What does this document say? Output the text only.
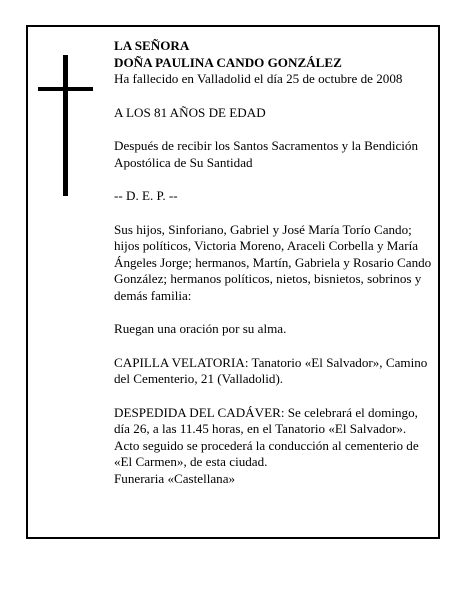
LA SEÑORA

DOÑA PAULINA CANDO GONZÁLEZ

Ha fallecido en Valladolid el día 25 de octubre de 2008

A LOS 81 AÑOS DE EDAD

Después de recibir los Santos Sacramentos y la Bendición Apostólica de Su Santidad

-- D. E. P. --

Sus hijos, Sinforiano, Gabriel y José María Torío Cando; hijos políticos, Victoria Moreno, Araceli Corbella y María Ángeles Jorge; hermanos, Martín, Gabriela y Rosario Cando González; hermanos políticos, nietos, bisnietos, sobrinos y demás familia:

Ruegan una oración por su alma.

CAPILLA VELATORIA: Tanatorio «El Salvador», Camino del Cementerio, 21 (Valladolid).

DESPEDIDA DEL CADÁVER: Se celebrará el domingo, día 26, a las 11.45 horas, en el Tanatorio «El Salvador». Acto seguido se procederá la conducción al cementerio de «El Carmen», de esta ciudad.

Funeraria «Castellana»
